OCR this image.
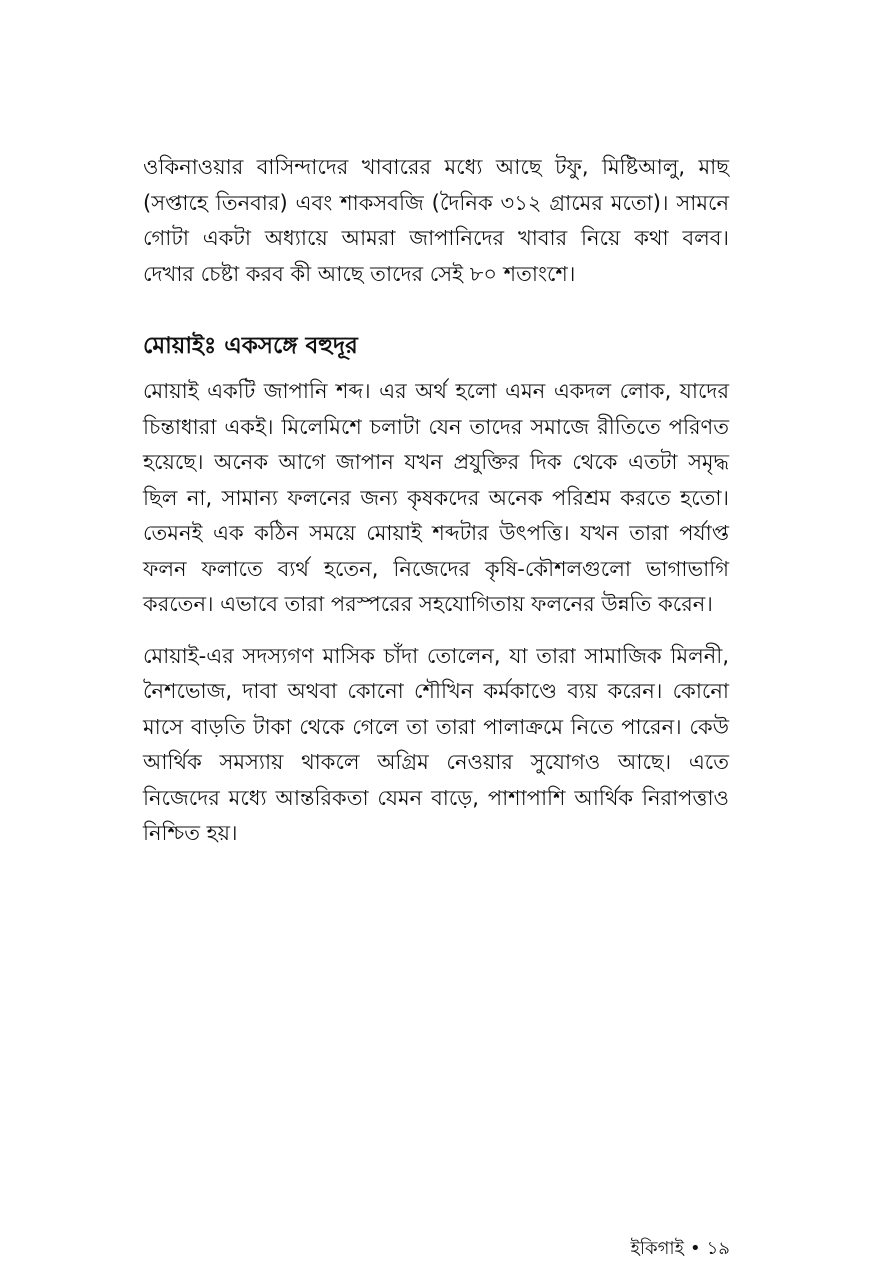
ওকিনাওয়ার বাসিন্দাদের খাবারের মধ্যে আছে টফু, মিষ্টিআলু, মাছ (সপ্তাহে তিনবার) এবং শাকসবজি (দৈনিক ৩১২ গ্রামের মতো)। সামনে গোটা একটা অধ্যায়ে আমরা জাপানিদের খাবার নিয়ে কথা বলব। দেখার চেষ্টা করব কী আছে তাদের সেই ৮০ শতাংশে।

মোয়াইঃ একসঙ্গে বহুদূর

মোয়াই একটি জাপানি শব্দ। এর অর্থ হলো এমন একদল লোক, যাদের চিন্তাধারা একই। মিলেমিশে চলাটা যেন তাদের সমাজে রীতিতে পরিণত হয়েছে। অনেক আগে জাপান যখন প্রযুক্তির দিক থেকে এতটা সমৃদ্ধ ছিল না, সামান্য ফলনের জন্য কৃষকদের অনেক পরিশ্রম করতে হতো। তেমনই এক কঠিন সময়ে মোয়াই শব্দটার উৎপত্তি। যখন তারা পর্যাপ্ত ফলন ফলাতে ব্যর্থ হতেন, নিজেদের কৃষি-কৌশলগুলো ভাগাভাগি করতেন। এভাবে তারা পরস্পরের সহযোগিতায় ফলনের উন্নতি করেন।

মোয়াই-এর সদস্যগণ মাসিক চাঁদা তোলেন, যা তারা সামাজিক মিলনী, নৈশভোজ, দাবা অথবা কোনো শৌখিন কর্মকাণ্ডে ব্যয় করেন। কোনো মাসে বাড়তি টাকা থেকে গেলে তা তারা পালাক্রমে নিতে পারেন। কেউ আর্থিক সমস্যায় থাকলে অগ্রিম নেওয়ার সুযোগও আছে। এতে নিজেদের মধ্যে আন্তরিকতা যেমন বাড়ে, পাশাপাশি আর্থিক নিরাপত্তাও নিশ্চিত হয়।

ইকিগাই • ১৯
